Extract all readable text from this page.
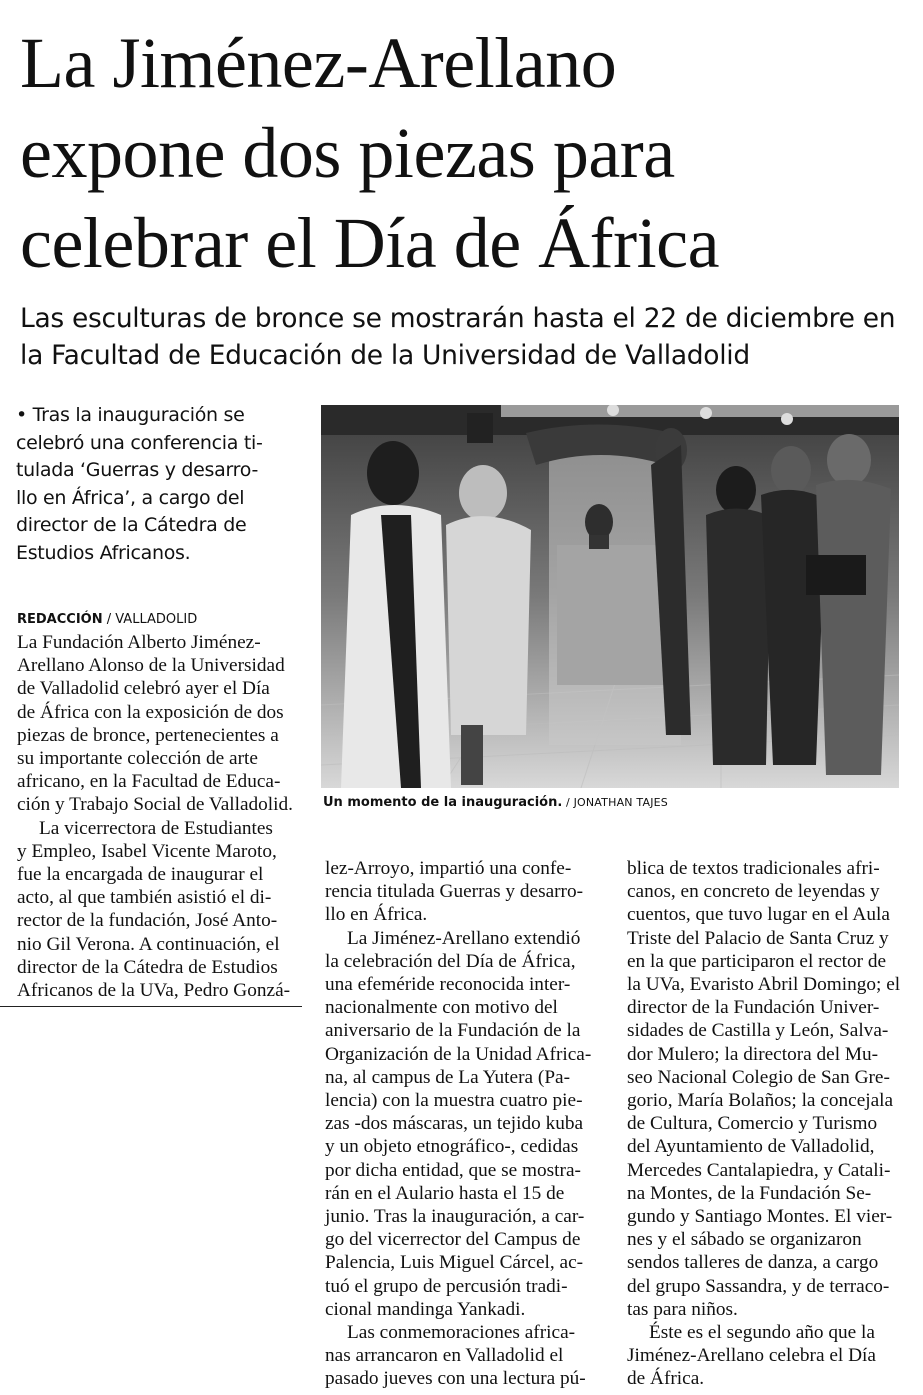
La Jiménez-Arellano
expone dos piezas para
celebrar el Día de África
Las esculturas de bronce se mostrarán hasta el 22 de diciembre en
la Facultad de Educación de la Universidad de Valladolid
• Tras la inauguración se
celebró una conferencia ti-
tulada ‘Guerras y desarro-
llo en África’, a cargo del
director de la Cátedra de
Estudios Africanos.
Un momento de la inauguración. / JONATHAN TAJES
REDACCIÓN / VALLADOLID
La Fundación Alberto Jiménez-
Arellano Alonso de la Universidad
de Valladolid celebró ayer el Día
de África con la exposición de dos
piezas de bronce, pertenecientes a
su importante colección de arte
africano, en la Facultad de Educa-
ción y Trabajo Social de Valladolid.
La vicerrectora de Estudiantes
y Empleo, Isabel Vicente Maroto,
fue la encargada de inaugurar el
acto, al que también asistió el di-
rector de la fundación, José Anto-
nio Gil Verona. A continuación, el
director de la Cátedra de Estudios
Africanos de la UVa, Pedro Gonzá-
lez-Arroyo, impartió una confe-
rencia titulada Guerras y desarro-
llo en África.
La Jiménez-Arellano extendió
la celebración del Día de África,
una efeméride reconocida inter-
nacionalmente con motivo del
aniversario de la Fundación de la
Organización de la Unidad Africa-
na, al campus de La Yutera (Pa-
lencia) con la muestra cuatro pie-
zas -dos máscaras, un tejido kuba
y un objeto etnográfico-, cedidas
por dicha entidad, que se mostra-
rán en el Aulario hasta el 15 de
junio. Tras la inauguración, a car-
go del vicerrector del Campus de
Palencia, Luis Miguel Cárcel, ac-
tuó el grupo de percusión tradi-
cional mandinga Yankadi.
Las conmemoraciones africa-
nas arrancaron en Valladolid el
pasado jueves con una lectura pú-
blica de textos tradicionales afri-
canos, en concreto de leyendas y
cuentos, que tuvo lugar en el Aula
Triste del Palacio de Santa Cruz y
en la que participaron el rector de
la UVa, Evaristo Abril Domingo; el
director de la Fundación Univer-
sidades de Castilla y León, Salva-
dor Mulero; la directora del Mu-
seo Nacional Colegio de San Gre-
gorio, María Bolaños; la concejala
de Cultura, Comercio y Turismo
del Ayuntamiento de Valladolid,
Mercedes Cantalapiedra, y Catali-
na Montes, de la Fundación Se-
gundo y Santiago Montes. El vier-
nes y el sábado se organizaron
sendos talleres de danza, a cargo
del grupo Sassandra, y de terraco-
tas para niños.
Éste es el segundo año que la
Jiménez-Arellano celebra el Día
de África.
